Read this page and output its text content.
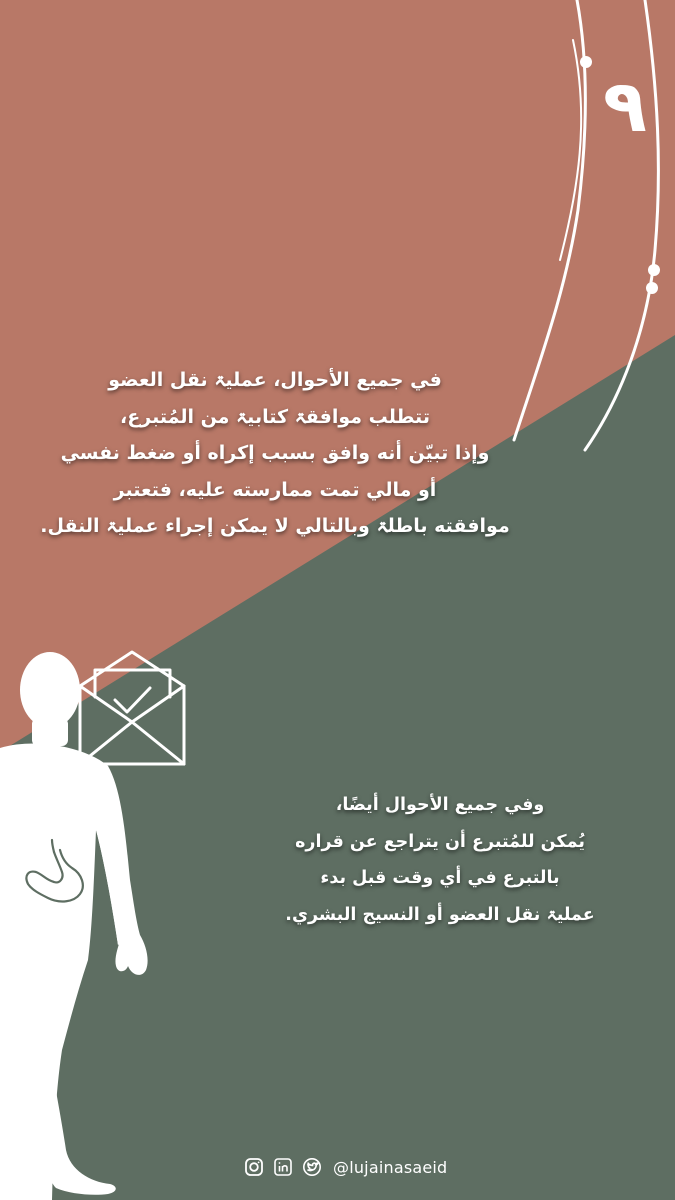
٩

في جميع الأحوال، عمليۃ نقل العضو

تتطلب موافقۃ كتابيۃ من المُتبرع،

وإذا تبيّن أنه وافق بسبب إكراه أو ضغط نفسي

أو مالي تمت ممارسته عليه، فتعتبر

موافقته باطلۃ وبالتالي لا يمكن إجراء عمليۃ النقل.

وفي جميع الأحوال أيضًا،

يُمكن للمُتبرع أن يتراجع عن قراره

بالتبرع في أي وقت قبل بدء

عمليۃ نقل العضو أو النسيج البشري.

@lujainasaeid
